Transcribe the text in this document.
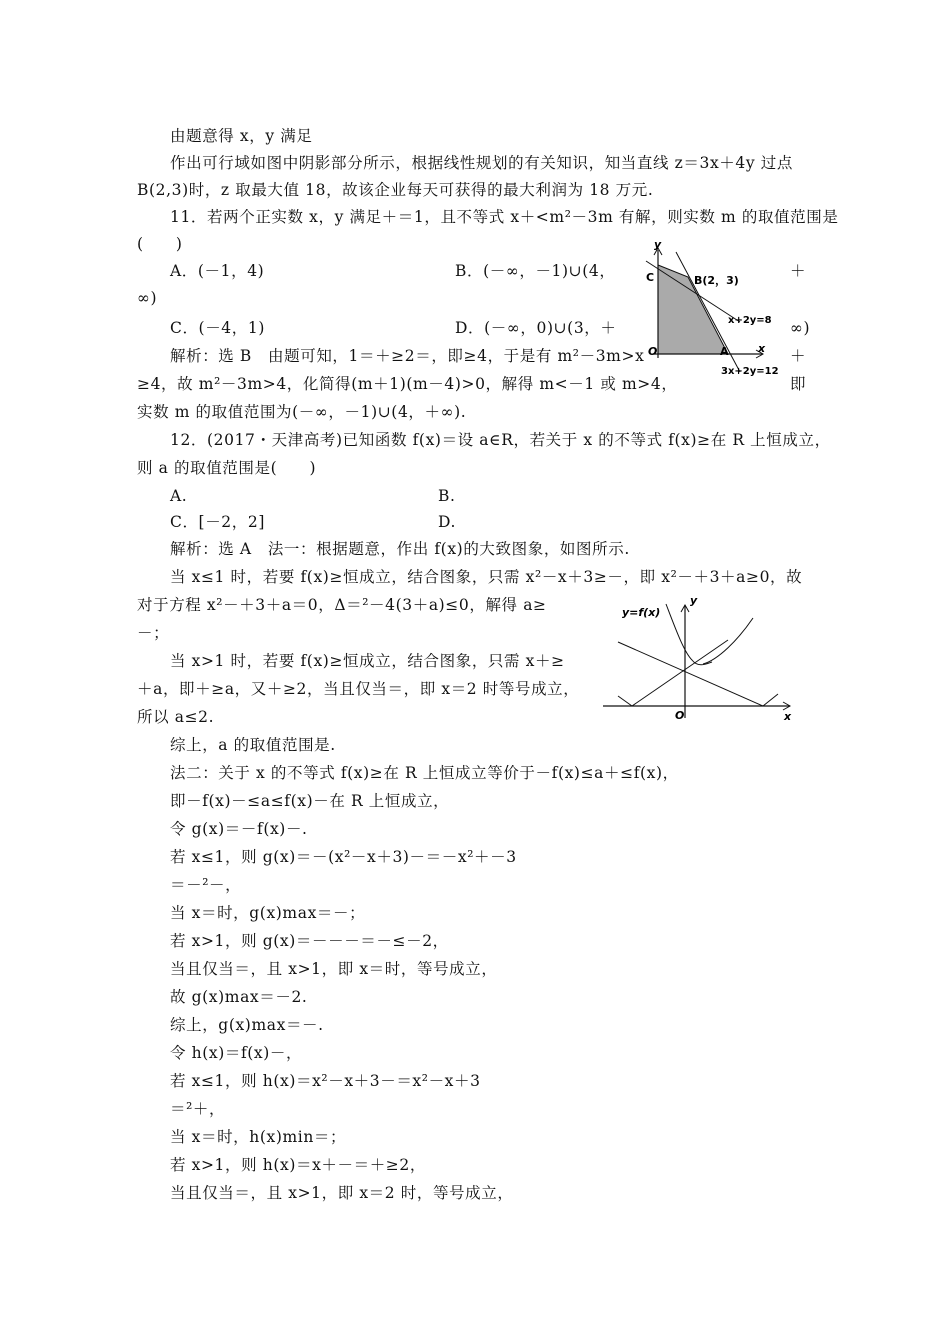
由题意得 x，y 满足
作出可行域如图中阴影部分所示，根据线性规划的有关知识，知当直线 z＝3x＋4y 过点
B(2,3)时，z 取最大值 18，故该企业每天可获得的最大利润为 18 万元.
11．若两个正实数 x，y 满足＋＝1，且不等式 x＋<m²－3m 有解，则实数 m 的取值范围是
(　　)
A．(－1，4)	B．(－∞，－1)∪(4，	＋
∞)
C．(－4，1)	D．(－∞，0)∪(3，＋	∞)
解析：选 B　由题可知，1＝＋≥2＝，即≥4，于是有 m²－3m>x	＋
≥4，故 m²－3m>4，化简得(m＋1)(m－4)>0，解得 m<－1 或 m>4，	即
实数 m 的取值范围为(－∞，－1)∪(4，＋∞).
12．(2017・天津高考)已知函数 f(x)＝设 a∈R，若关于 x 的不等式 f(x)≥在 R 上恒成立，
则 a 的取值范围是(　　)
A.	B.
C．[－2，2]	D.
解析：选 A　法一：根据题意，作出 f(x)的大致图象，如图所示.
当 x≤1 时，若要 f(x)≥恒成立，结合图象，只需 x²－x＋3≥－，即 x²－＋3＋a≥0，故
对于方程 x²－＋3＋a＝0，Δ＝²－4(3＋a)≤0，解得 a≥
－；
当 x>1 时，若要 f(x)≥恒成立，结合图象，只需 x＋≥
＋a，即＋≥a，又＋≥2，当且仅当＝，即 x＝2 时等号成立，
所以 a≤2.
综上，a 的取值范围是.
法二：关于 x 的不等式 f(x)≥在 R 上恒成立等价于－f(x)≤a＋≤f(x)，
即－f(x)－≤a≤f(x)－在 R 上恒成立，
令 g(x)＝－f(x)－.
若 x≤1，则 g(x)＝－(x²－x＋3)－＝－x²＋－3
＝－²－，
当 x＝时，g(x)max＝－；
若 x>1，则 g(x)＝－－－＝－≤－2，
当且仅当＝，且 x>1，即 x＝时，等号成立，
故 g(x)max＝－2.
综上，g(x)max＝－.
令 h(x)＝f(x)－，
若 x≤1，则 h(x)＝x²－x＋3－＝x²－x＋3
＝²＋，
当 x＝时，h(x)min＝；
若 x>1，则 h(x)＝x＋－＝＋≥2，
当且仅当＝，且 x>1，即 x＝2 时，等号成立，
y
x
O
C
A
B(2，3)
x+2y=8
3x+2y=12
y=f(x)
y
x
O
